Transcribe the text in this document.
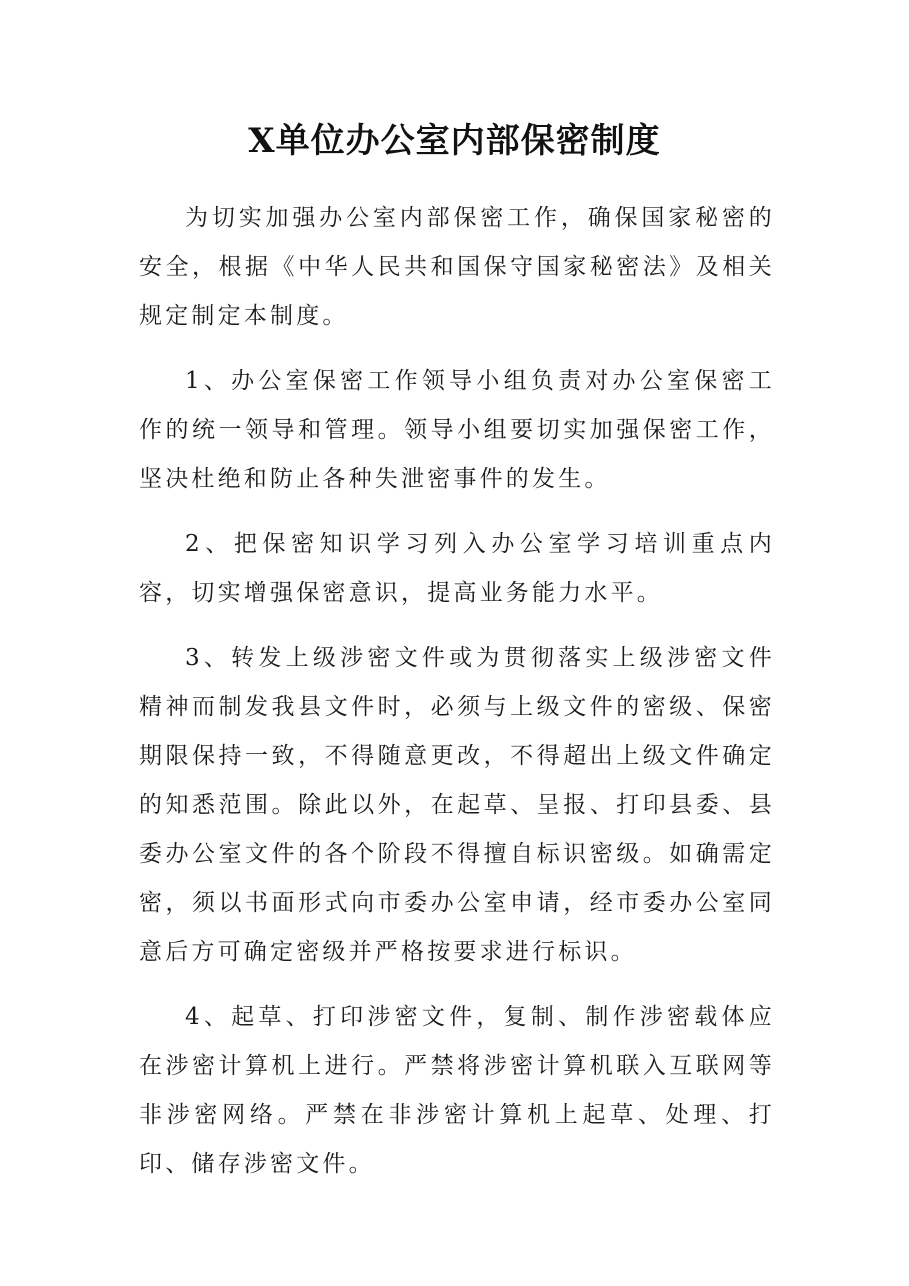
X单位办公室内部保密制度

为切实加强办公室内部保密工作，确保国家秘密的安全，根据《中华人民共和国保守国家秘密法》及相关规定制定本制度。

1、办公室保密工作领导小组负责对办公室保密工作的统一领导和管理。领导小组要切实加强保密工作，坚决杜绝和防止各种失泄密事件的发生。

2、把保密知识学习列入办公室学习培训重点内容，切实增强保密意识，提高业务能力水平。

3、转发上级涉密文件或为贯彻落实上级涉密文件精神而制发我县文件时，必须与上级文件的密级、保密期限保持一致，不得随意更改，不得超出上级文件确定的知悉范围。除此以外，在起草、呈报、打印县委、县委办公室文件的各个阶段不得擅自标识密级。如确需定密，须以书面形式向市委办公室申请，经市委办公室同意后方可确定密级并严格按要求进行标识。

4、起草、打印涉密文件，复制、制作涉密载体应在涉密计算机上进行。严禁将涉密计算机联入互联网等非涉密网络。严禁在非涉密计算机上起草、处理、打印、储存涉密文件。
